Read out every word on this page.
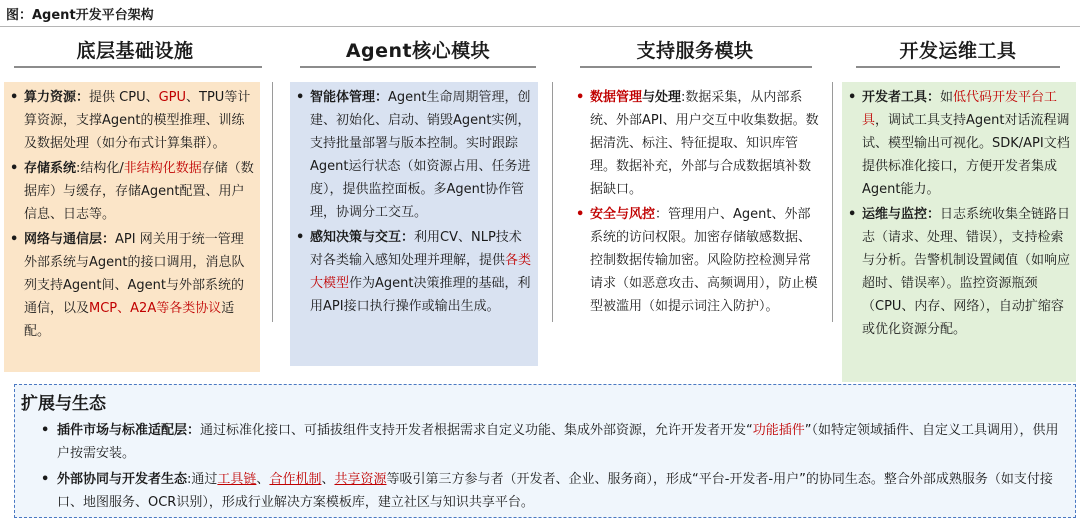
图：Agent开发平台架构
底层基础设施	Agent核心模块	支持服务模块	开发运维工具
• 算力资源：提供 CPU、GPU、TPU等计算资源，支撑Agent的模型推理、训练及数据处理（如分布式计算集群）。
• 存储系统:结构化/非结构化数据存储（数据库）与缓存，存储Agent配置、用户信息、日志等。
• 网络与通信层：API 网关用于统一管理外部系统与Agent的接口调用，消息队列支持Agent间、Agent与外部系统的通信，以及MCP、A2A等各类协议适配。
• 智能体管理：Agent生命周期管理，创建、初始化、启动、销毁Agent实例，支持批量部署与版本控制。实时跟踪Agent运行状态（如资源占用、任务进度），提供监控面板。多Agent协作管理，协调分工交互。
• 感知决策与交互：利用CV、NLP技术对各类输入感知处理并理解，提供各类大模型作为Agent决策推理的基础，利用API接口执行操作或输出生成。
• 数据管理与处理:数据采集，从内部系统、外部API、用户交互中收集数据。数据清洗、标注、特征提取、知识库管理。数据补充，外部与合成数据填补数据缺口。
• 安全与风控：管理用户、Agent、外部系统的访问权限。加密存储敏感数据、控制数据传输加密。风险防控检测异常请求（如恶意攻击、高频调用），防止模型被滥用（如提示词注入防护）。
• 开发者工具：如低代码开发平台工具，调试工具支持Agent对话流程调试、模型输出可视化。SDK/API文档提供标准化接口，方便开发者集成Agent能力。
• 运维与监控：日志系统收集全链路日志（请求、处理、错误），支持检索与分析。告警机制设置阈值（如响应超时、错误率）。监控资源瓶颈（CPU、内存、网络），自动扩缩容或优化资源分配。
扩展与生态
• 插件市场与标准适配层：通过标准化接口、可插拔组件支持开发者根据需求自定义功能、集成外部资源，允许开发者开发“功能插件”（如特定领域插件、自定义工具调用），供用户按需安装。
• 外部协同与开发者生态:通过工具链、合作机制、共享资源等吸引第三方参与者（开发者、企业、服务商），形成“平台-开发者-用户”的协同生态。整合外部成熟服务（如支付接口、地图服务、OCR识别），形成行业解决方案模板库，建立社区与知识共享平台。
